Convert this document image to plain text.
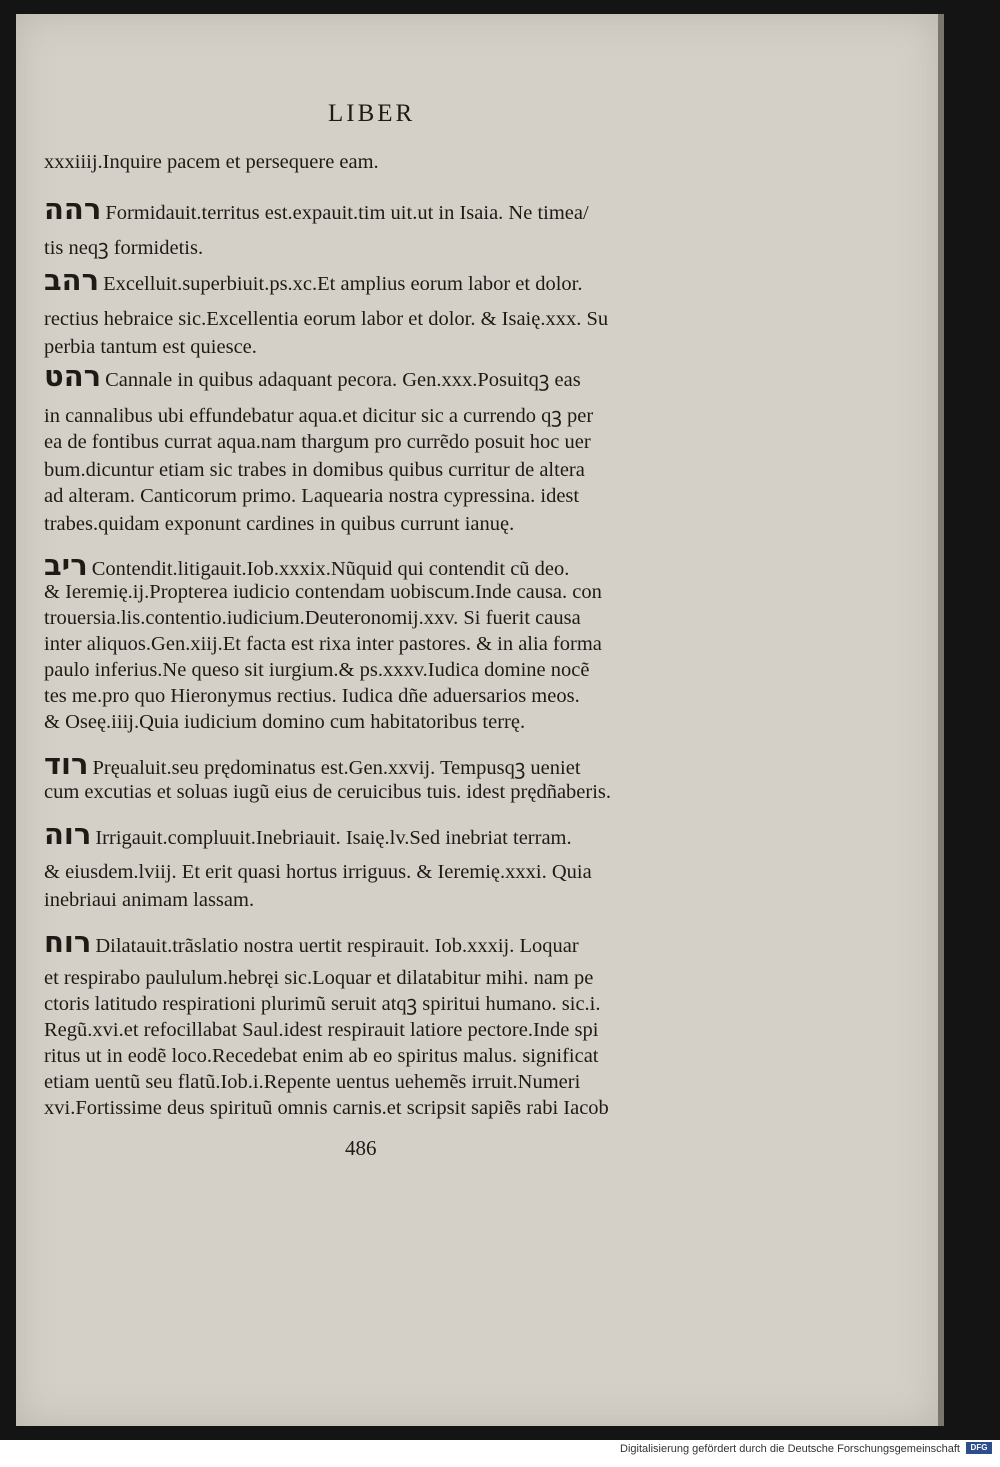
LIBER
xxxiiij.Inquire pacem et persequere eam.
רהה Formidauit.territus est.expauit.tim uit.ut in Isaia. Ne timea/
tis neqꝫ formidetis.
רהב Excelluit.superbiuit.ps.xc.Et amplius eorum labor et dolor.
rectius hebraice sic.Excellentia eorum labor et dolor. & Isaię.xxx. Su
perbia tantum est quiesce.
רהט Cannale in quibus adaquant pecora. Gen.xxx.Posuitqꝫ eas
in cannalibus ubi effundebatur aqua.et dicitur sic a currendo qꝫ per
ea de fontibus currat aqua.nam thargum pro currẽdo posuit hoc uer
bum.dicuntur etiam sic trabes in domibus quibus curritur de altera
ad alteram. Canticorum primo. Laquearia nostra cypressina. idest
trabes.quidam exponunt cardines in quibus currunt ianuę.
ריב Contendit.litigauit.Iob.xxxix.Nũquid qui contendit cũ deo.
& Ieremię.ij.Propterea iudicio contendam uobiscum.Inde causa. con
trouersia.lis.contentio.iudicium.Deuteronomij.xxv. Si fuerit causa
inter aliquos.Gen.xiij.Et facta est rixa inter pastores. & in alia forma
paulo inferius.Ne queso sit iurgium.& ps.xxxv.Iudica domine nocẽ
tes me.pro quo Hieronymus rectius. Iudica dñe aduersarios meos.
& Oseę.iiij.Quia iudicium domino cum habitatoribus terrę.
רוד Pręualuit.seu prędominatus est.Gen.xxvij. Tempusqꝫ ueniet
cum excutias et soluas iugũ eius de ceruicibus tuis. idest prędñaberis.
רוה Irrigauit.compluuit.Inebriauit. Isaię.lv.Sed inebriat terram.
& eiusdem.lviij. Et erit quasi hortus irriguus. & Ieremię.xxxi. Quia
inebriaui animam lassam.
רוח Dilatauit.trãslatio nostra uertit respirauit. Iob.xxxij. Loquar
et respirabo paululum.hebręi sic.Loquar et dilatabitur mihi. nam pe
ctoris latitudo respirationi plurimũ seruit atqꝫ spiritui humano. sic.i.
Regũ.xvi.et refocillabat Saul.idest respirauit latiore pectore.Inde spi
ritus ut in eodẽ loco.Recedebat enim ab eo spiritus malus. significat
etiam uentũ seu flatũ.Iob.i.Repente uentus uehemẽs irruit.Numeri
xvi.Fortissime deus spirituũ omnis carnis.et scripsit sapiẽs rabi Iacob
486
Digitalisierung gefördert durch die Deutsche Forschungsgemeinschaft	DFG
